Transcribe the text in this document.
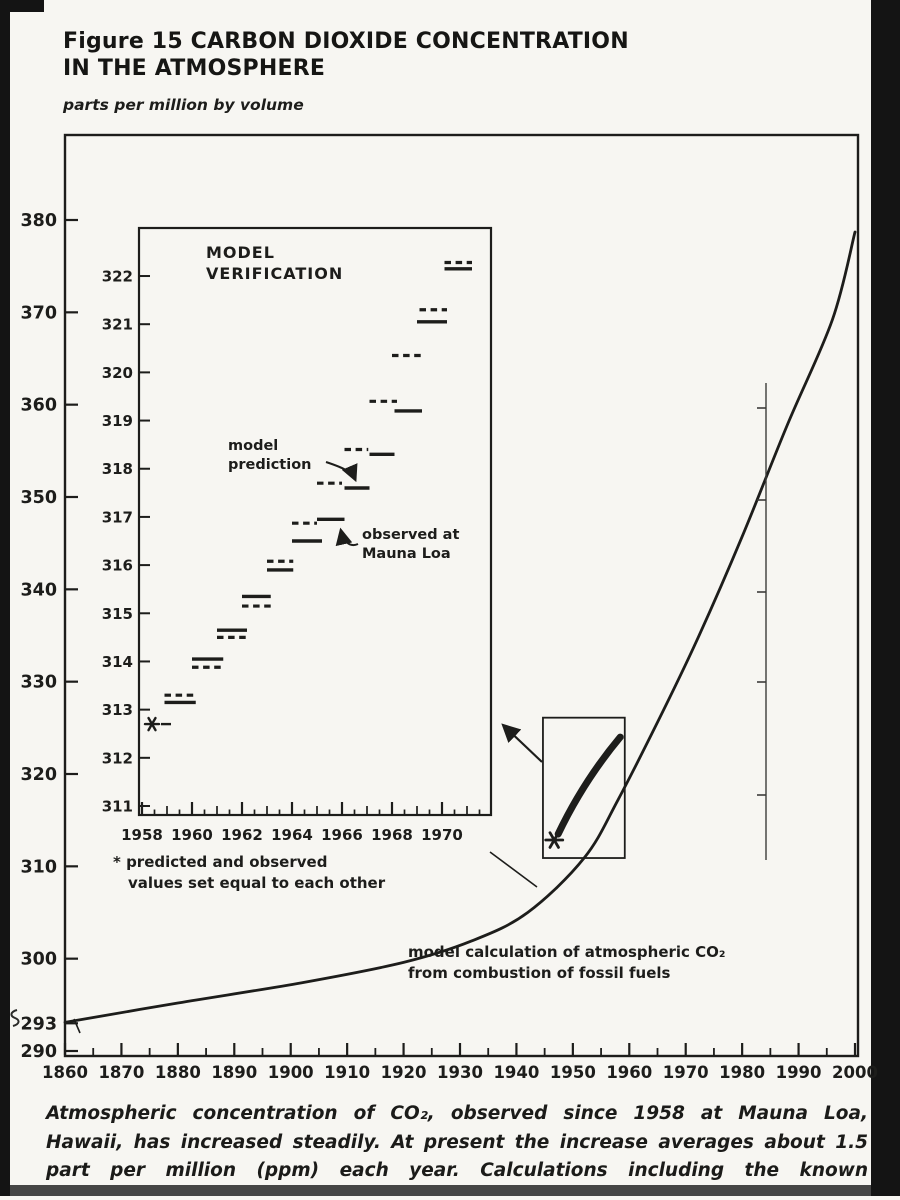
Figure 15 CARBON DIOXIDE CONCENTRATION
IN THE ATMOSPHERE
parts per million by volume
380
370
360
350
340
330
320
310
300
293
290
1860 1870 1880 1890 1900 1910 1920 1930 1940 1950 1960 1970 1980 1990 2000
model calculation of atmospheric CO₂
from combustion of fossil fuels
311
312
313
314
315
316
317
318
319
320
321
322
1958 1960 1962 1964 1966 1968 1970
MODEL
VERIFICATION
model
prediction
observed at
Mauna Loa
* predicted and observed
values set equal to each other
Atmospheric concentration of CO₂, observed since 1958 at Mauna Loa, Hawaii, has increased steadily. At present the increase averages about 1.5 part per million (ppm) each year. Calculations including the known
